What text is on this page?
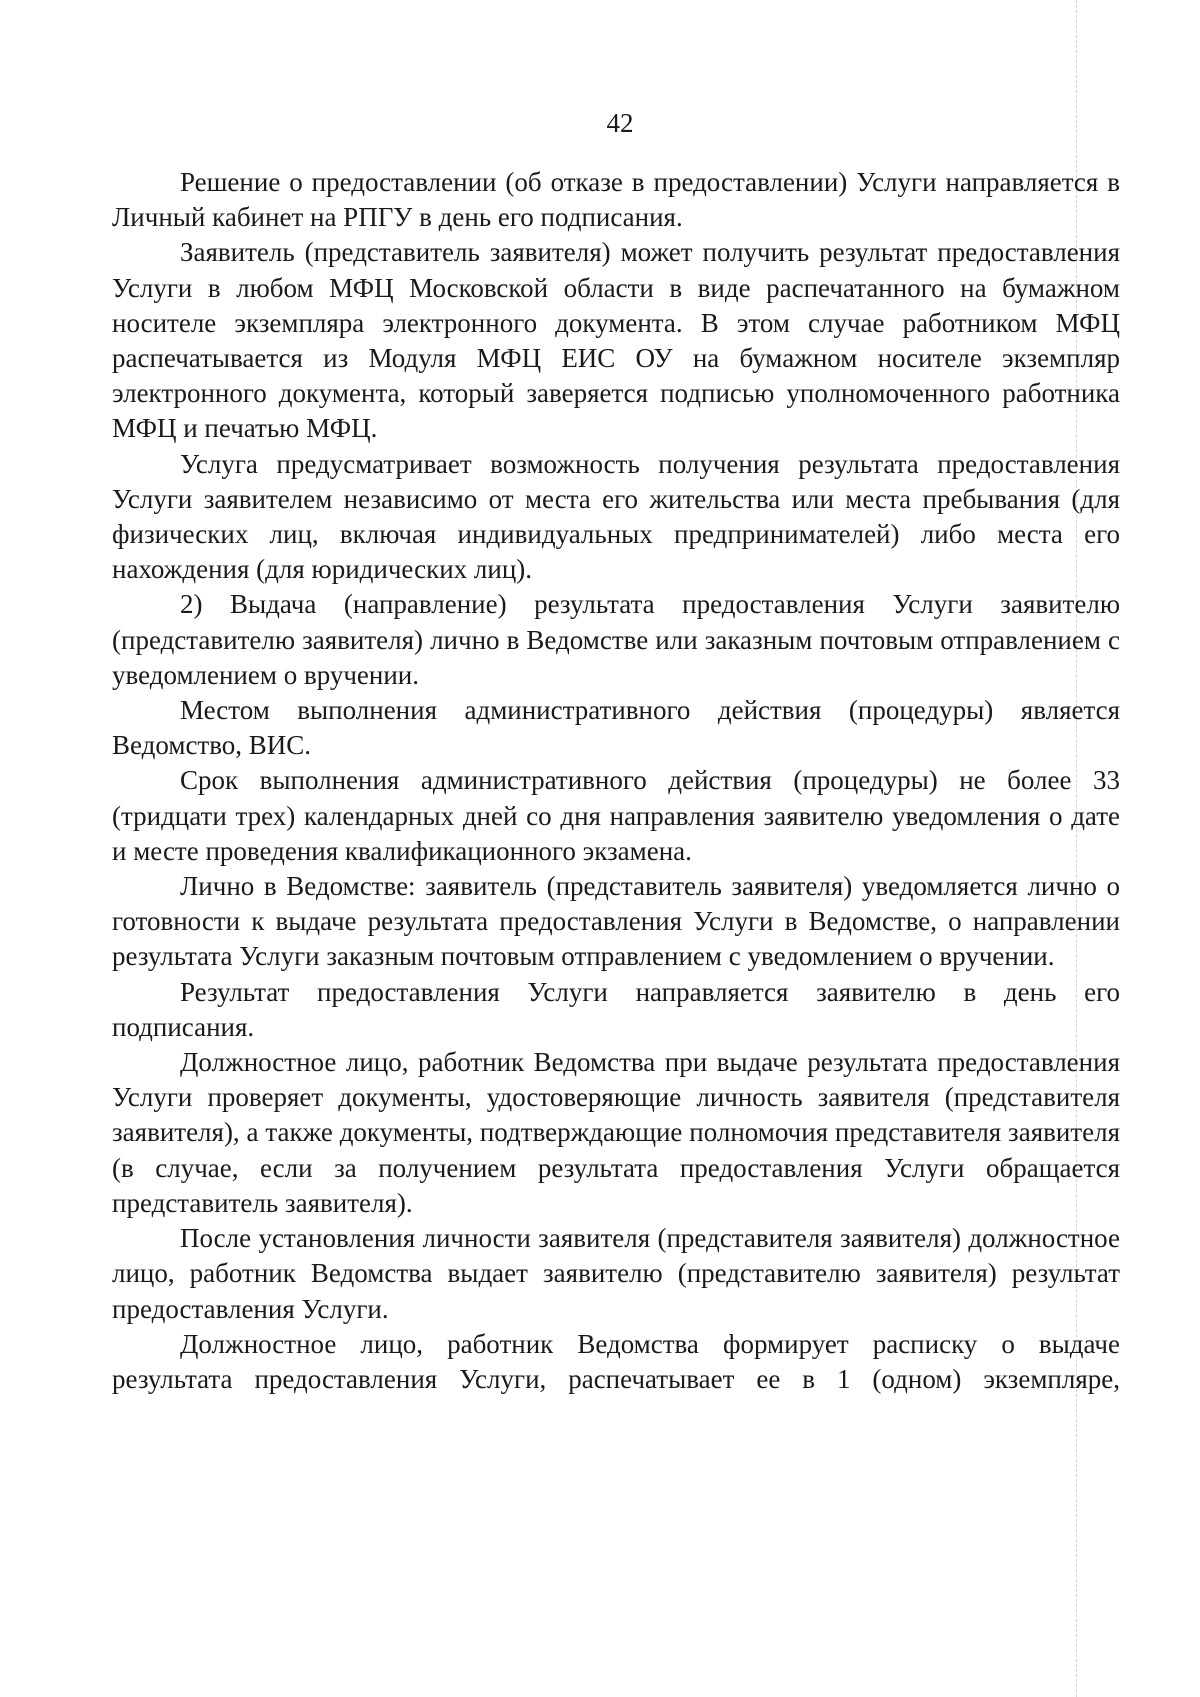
42

Решение о предоставлении (об отказе в предоставлении) Услуги направляется в Личный кабинет на РПГУ в день его подписания.

Заявитель (представитель заявителя) может получить результат предоставления Услуги в любом МФЦ Московской области в виде распечатанного на бумажном носителе экземпляра электронного документа. В этом случае работником МФЦ распечатывается из Модуля МФЦ ЕИС ОУ на бумажном носителе экземпляр электронного документа, который заверяется подписью уполномоченного работника МФЦ и печатью МФЦ.

Услуга предусматривает возможность получения результата предоставления Услуги заявителем независимо от места его жительства или места пребывания (для физических лиц, включая индивидуальных предпринимателей) либо места его нахождения (для юридических лиц).

2) Выдача (направление) результата предоставления Услуги заявителю (представителю заявителя) лично в Ведомстве или заказным почтовым отправлением с уведомлением о вручении.

Местом выполнения административного действия (процедуры) является Ведомство, ВИС.

Срок выполнения административного действия (процедуры) не более 33 (тридцати трех) календарных дней со дня направления заявителю уведомления о дате и месте проведения квалификационного экзамена.

Лично в Ведомстве: заявитель (представитель заявителя) уведомляется лично о готовности к выдаче результата предоставления Услуги в Ведомстве, о направлении результата Услуги заказным почтовым отправлением с уведомлением о вручении.

Результат предоставления Услуги направляется заявителю в день его подписания.

Должностное лицо, работник Ведомства при выдаче результата предоставления Услуги проверяет документы, удостоверяющие личность заявителя (представителя заявителя), а также документы, подтверждающие полномочия представителя заявителя (в случае, если за получением результата предоставления Услуги обращается представитель заявителя).

После установления личности заявителя (представителя заявителя) должностное лицо, работник Ведомства выдает заявителю (представителю заявителя) результат предоставления Услуги.

Должностное лицо, работник Ведомства формирует расписку о выдаче результата предоставления Услуги, распечатывает ее в 1 (одном) экземпляре,
